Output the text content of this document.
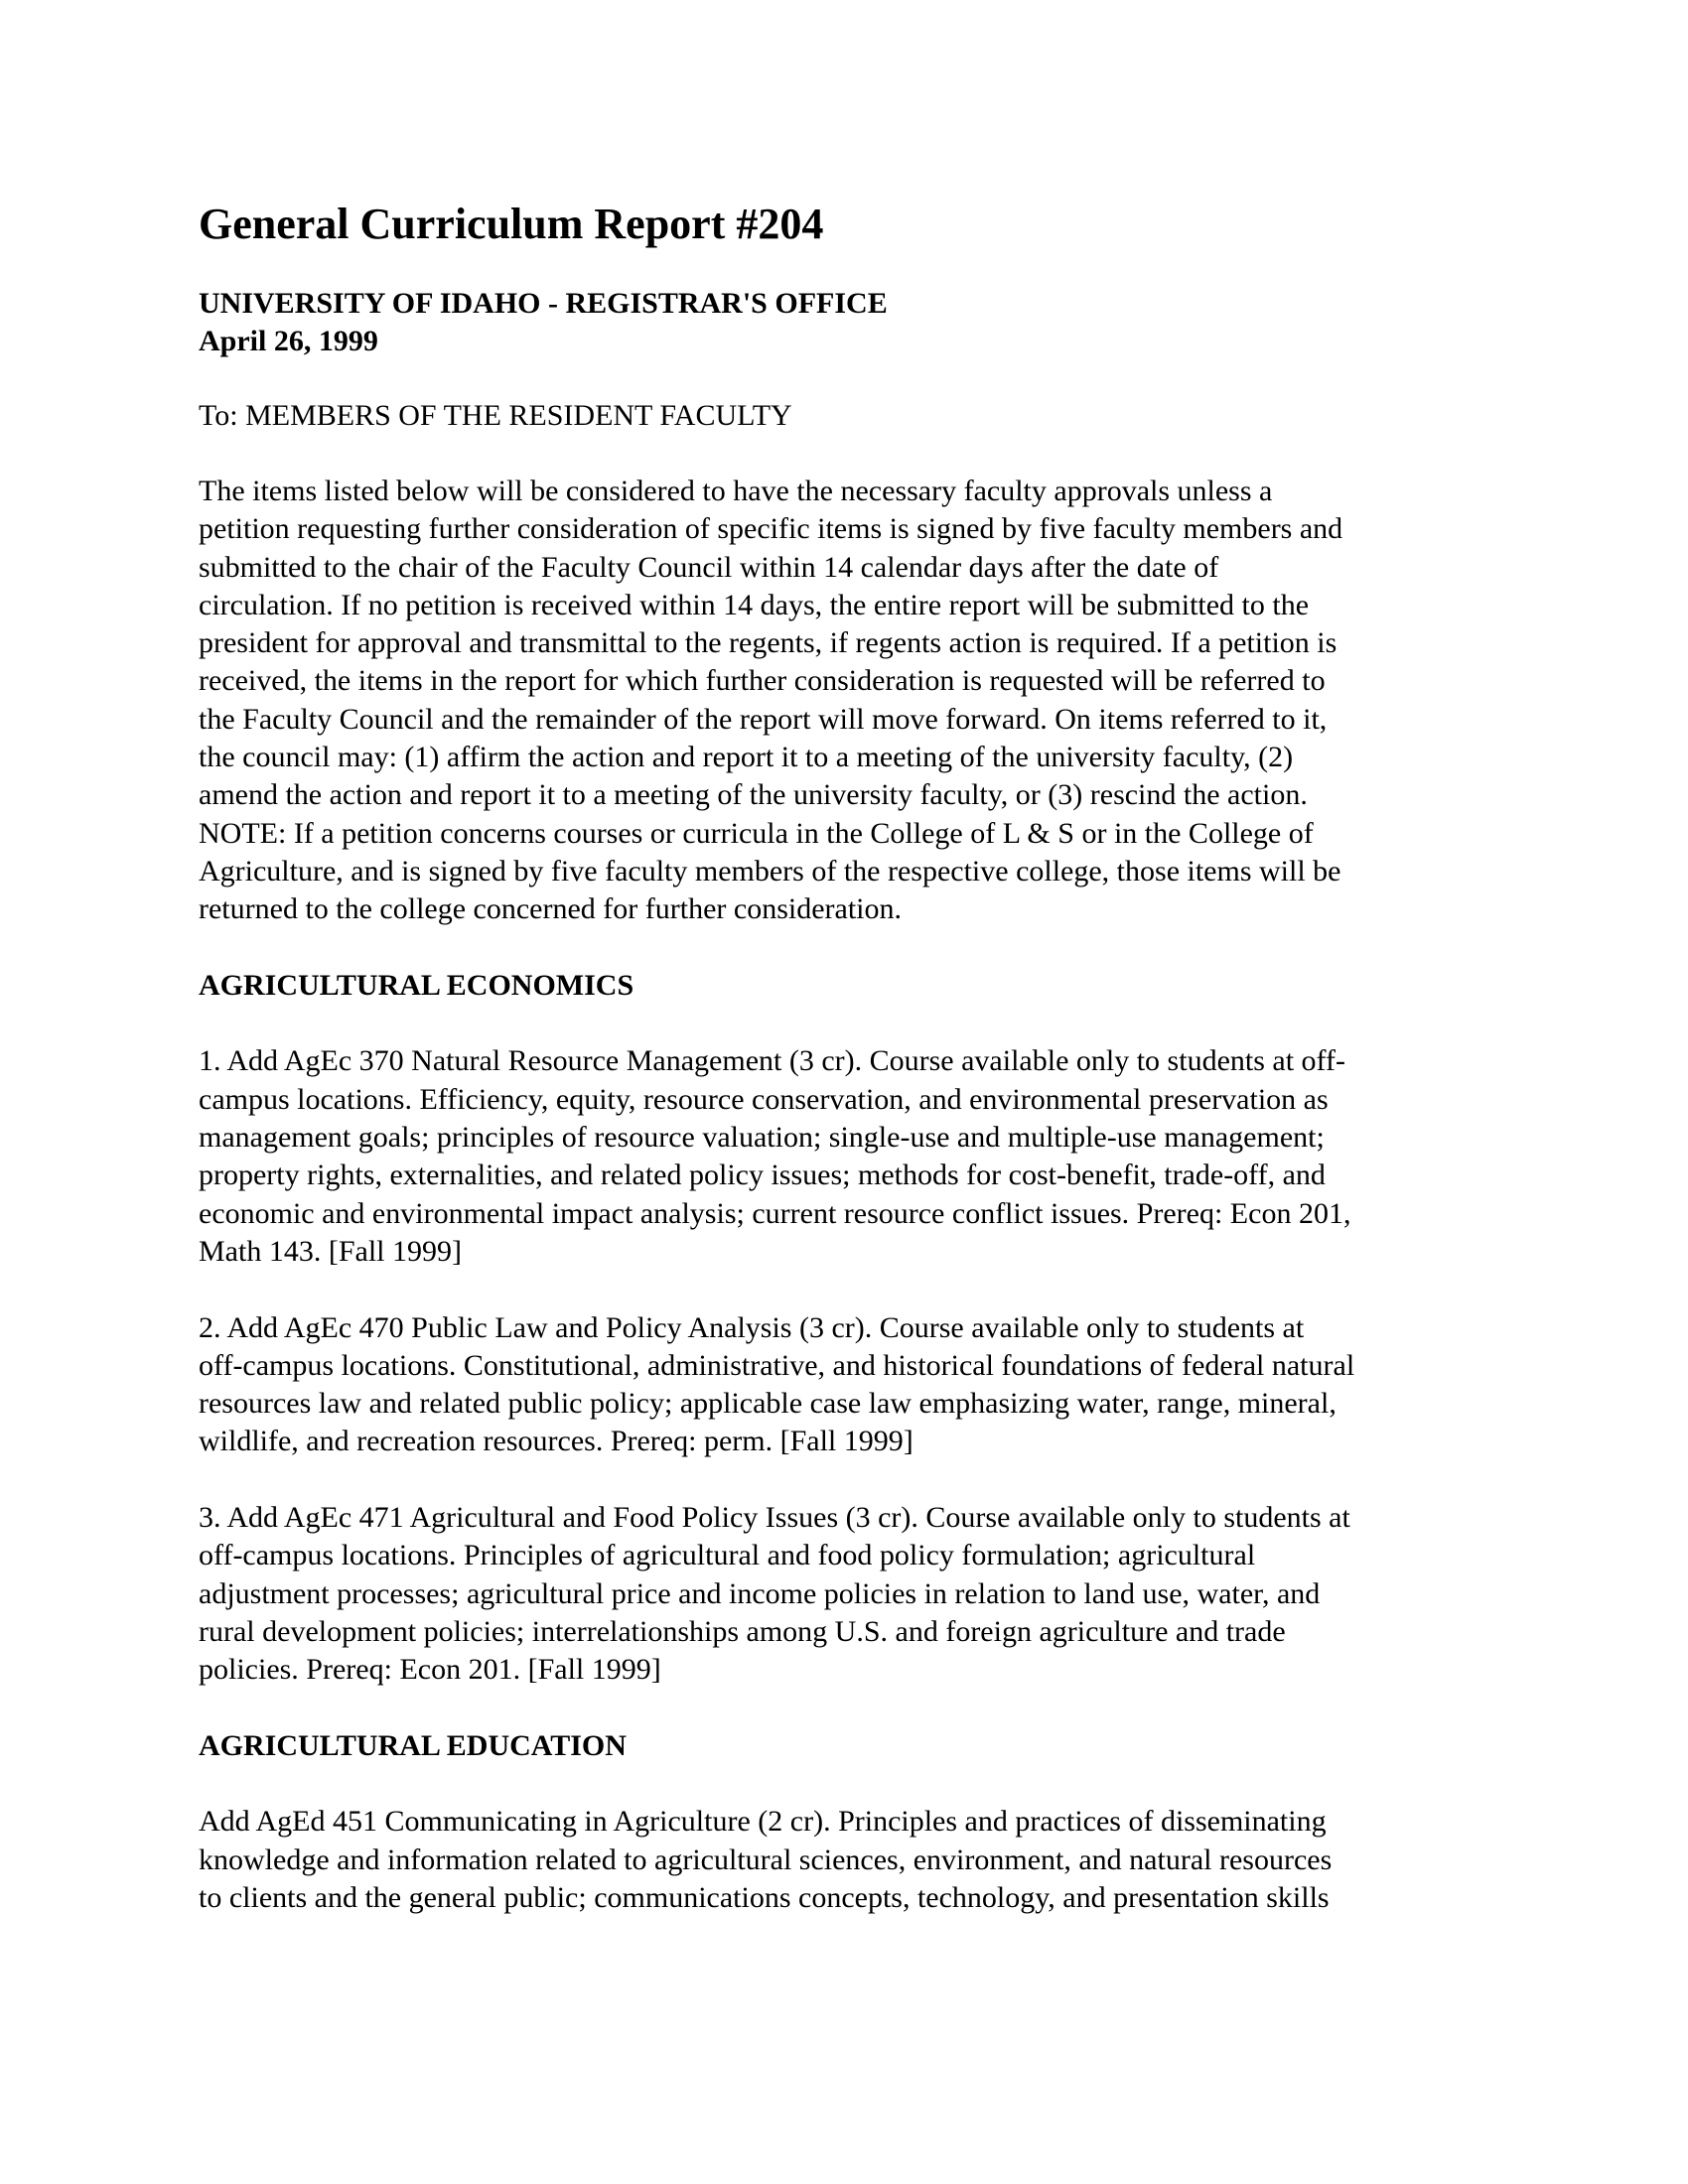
General Curriculum Report #204
UNIVERSITY OF IDAHO - REGISTRAR'S OFFICE
April 26, 1999
To: MEMBERS OF THE RESIDENT FACULTY

The items listed below will be considered to have the necessary faculty approvals unless a
petition requesting further consideration of specific items is signed by five faculty members and
submitted to the chair of the Faculty Council within 14 calendar days after the date of
circulation. If no petition is received within 14 days, the entire report will be submitted to the
president for approval and transmittal to the regents, if regents action is required. If a petition is
received, the items in the report for which further consideration is requested will be referred to
the Faculty Council and the remainder of the report will move forward. On items referred to it,
the council may: (1) affirm the action and report it to a meeting of the university faculty, (2)
amend the action and report it to a meeting of the university faculty, or (3) rescind the action.
NOTE: If a petition concerns courses or curricula in the College of L & S or in the College of
Agriculture, and is signed by five faculty members of the respective college, those items will be
returned to the college concerned for further consideration.

AGRICULTURAL ECONOMICS

1. Add AgEc 370 Natural Resource Management (3 cr). Course available only to students at off-
campus locations. Efficiency, equity, resource conservation, and environmental preservation as
management goals; principles of resource valuation; single-use and multiple-use management;
property rights, externalities, and related policy issues; methods for cost-benefit, trade-off, and
economic and environmental impact analysis; current resource conflict issues. Prereq: Econ 201,
Math 143. [Fall 1999]

2. Add AgEc 470 Public Law and Policy Analysis (3 cr). Course available only to students at
off-campus locations. Constitutional, administrative, and historical foundations of federal natural
resources law and related public policy; applicable case law emphasizing water, range, mineral,
wildlife, and recreation resources. Prereq: perm. [Fall 1999]

3. Add AgEc 471 Agricultural and Food Policy Issues (3 cr). Course available only to students at
off-campus locations. Principles of agricultural and food policy formulation; agricultural
adjustment processes; agricultural price and income policies in relation to land use, water, and
rural development policies; interrelationships among U.S. and foreign agriculture and trade
policies. Prereq: Econ 201. [Fall 1999]

AGRICULTURAL EDUCATION

Add AgEd 451 Communicating in Agriculture (2 cr). Principles and practices of disseminating
knowledge and information related to agricultural sciences, environment, and natural resources
to clients and the general public; communications concepts, technology, and presentation skills
